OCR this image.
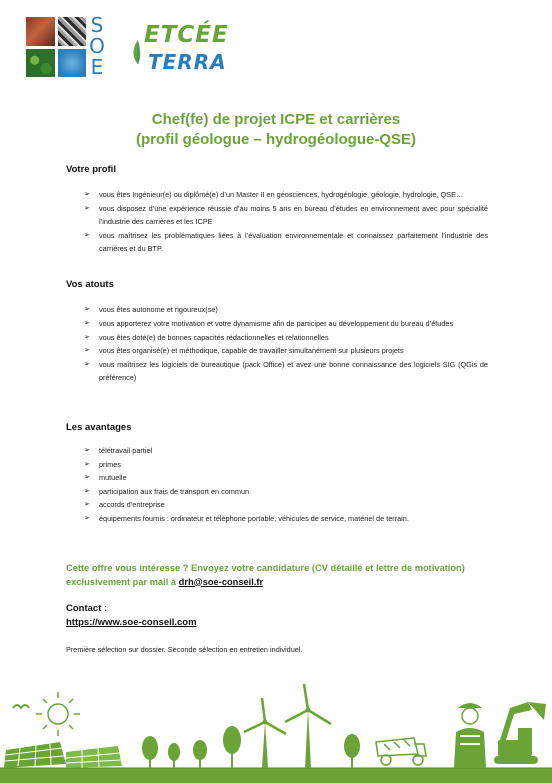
S
O
E
ETCÉE
TERRA
Chef(fe) de projet ICPE et carrières
(profil géologue – hydrogéologue-QSE)
Votre profil
➢ vous êtes Ingénieur(e) ou diplômé(e) d’un Master II en géosciences, hydrogéologie, géologie, hydrologie, QSE…
➢ vous disposez d’une expérience réussie d’au moins 5 ans en bureau d’études en environnement avec pour spécialité l’industrie des carrières et les ICPE
➢ vous maîtrisez les problématiques liées à l’évaluation environnementale et connaissez parfaitement l’industrie des carrières et du BTP.
Vos atouts
➢ vous êtes autonome et rigoureux(se)
➢ vous apporterez votre motivation et votre dynamisme afin de participer au développement du bureau d’études
➢ vous êtes doté(e) de bonnes capacités rédactionnelles et relationnelles
➢ vous êtes organisé(e) et méthodique, capable de travailler simultanément sur plusieurs projets
➢ vous maîtrisez les logiciels de bureautique (pack Office) et avez une bonne connaissance des logiciels SIG (QGis de préférence)
Les avantages
➢ télétravail partiel
➢ primes
➢ mutuelle
➢ participation aux frais de transport en commun
➢ accords d’entreprise
➢ équipements fournis : ordinateur et téléphone portable, véhicules de service, matériel de terrain.
Cette offre vous intéresse ? Envoyez votre candidature (CV détaillé et lettre de motivation) exclusivement par mail à drh@soe-conseil.fr
Contact :
https://www.soe-conseil.com
Première sélection sur dossier. Seconde sélection en entretien individuel.
